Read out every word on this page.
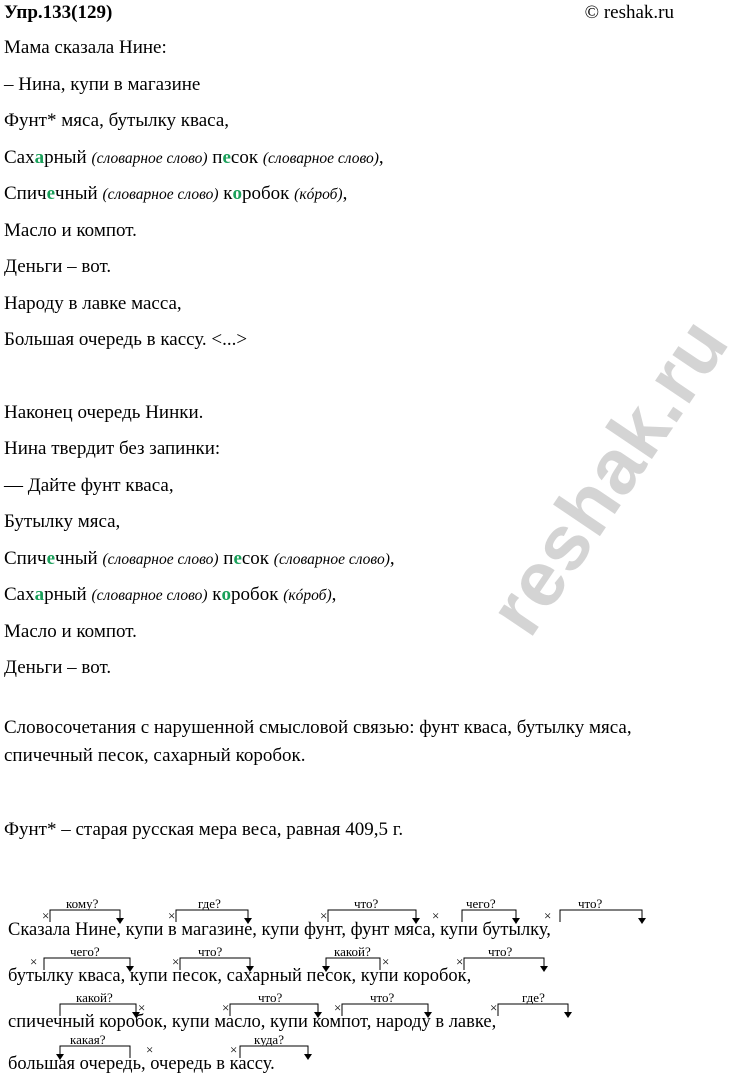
Упр.133(129)	© reshak.ru
reshak.ru
Мама сказала Нине:
– Нина, купи в магазине
Фунт* мяса, бутылку кваса,
Сахарный (словарное слово) песок (словарное слово),
Спичечный (словарное слово) коробок (кóроб),
Масло и компот.
Деньги – вот.
Народу в лавке масса,
Большая очередь в кассу. <...>
Наконец очередь Нинки.
Нина твердит без запинки:
— Дайте фунт кваса,
Бутылку мяса,
Спичечный (словарное слово) песок (словарное слово),
Сахарный (словарное слово) коробок (кóроб),
Масло и компот.
Деньги – вот.
Словосочетания с нарушенной смысловой связью: фунт кваса, бутылку мяса, спичечный песок, сахарный коробок.
Фунт* – старая русская мера веса, равная 409,5 г.
кому?	где?	что?	чего?	что?
чего?	что?	какой?	что?
какой?	что?	что?	где?
какая?	куда?
×	×	×	×	×
×	×	×	×
×	×	×	×
×	×
Сказала Нине, купи в магазине, купи фунт, фунт мяса, купи бутылку,
бутылку кваса, купи песок, сахарный песок, купи коробок,
спичечный коробок, купи масло, купи компот, народу в лавке,
большая очередь, очередь в кассу.
